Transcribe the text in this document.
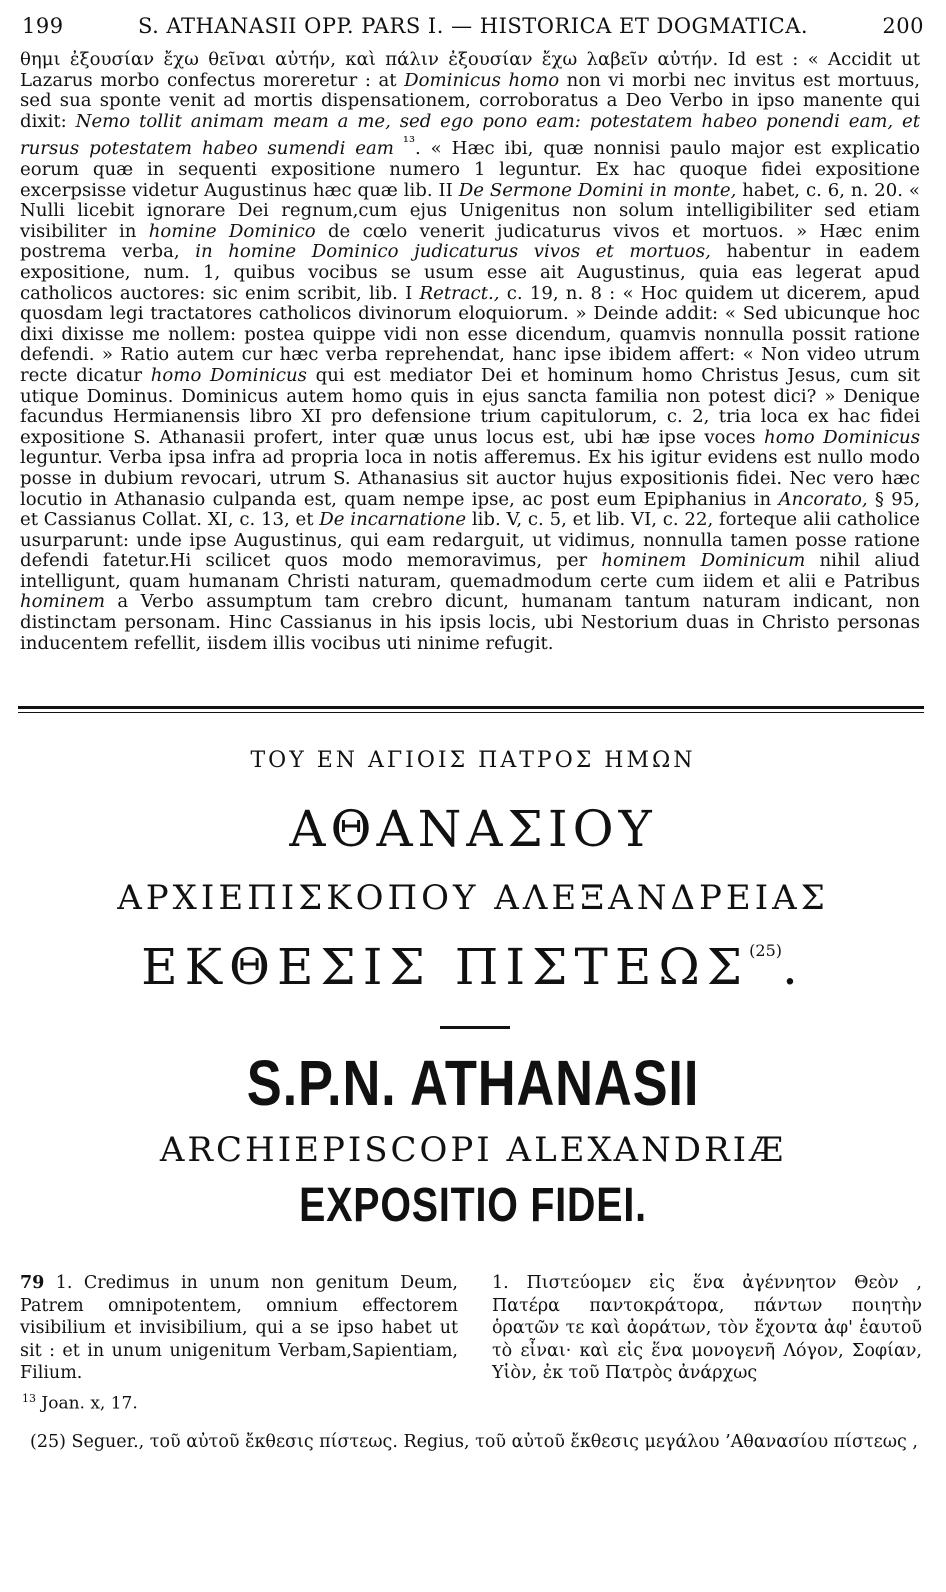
199	S. ATHANASII OPP. PARS I. — HISTORICA ET DOGMATICA.	200

θημι ἐξουσίαν ἔχω θεῖναι αὐτήν, καὶ πάλιν ἐξουσίαν ἔχω λαβεῖν αὐτήν. Id est : « Accidit ut Lazarus morbo confectus moreretur : at Dominicus homo non vi morbi nec invitus est mortuus, sed sua sponte venit ad mortis dispensationem, corroboratus a Deo Verbo in ipso manente qui dixit: Nemo tollit animam meam a me, sed ego pono eam: potestatem habeo ponendi eam, et rursus potestatem habeo sumendi eam $^{^{13}}$. « Hæc ibi, quæ nonnisi paulo major est explicatio eorum quæ in sequenti expositione numero 1 leguntur. Ex hac quoque fidei expositione excerpsisse videtur Augustinus hæc quæ lib. II De Sermone Domini in monte, habet, c. 6, n. 20. « Nulli licebit ignorare Dei regnum,cum ejus Unigenitus non solum intelligibiliter sed etiam visibiliter in homine Dominico de cœlo venerit judicaturus vivos et mortuos. » Hæc enim postrema verba, in homine Dominico judicaturus vivos et mortuos, habentur in eadem expositione, num. 1, quibus vocibus se usum esse ait Augustinus, quia eas legerat apud catholicos auctores: sic enim scribit, lib. I Retract., c. 19, n. 8 : « Hoc quidem ut dicerem, apud quosdam legi tractatores catholicos divinorum eloquiorum. » Deinde addit: « Sed ubicunque hoc dixi dixisse me nollem: postea quippe vidi non esse dicendum, quamvis nonnulla possit ratione defendi. » Ratio autem cur hæc verba reprehendat, hanc ipse ibidem affert: « Non video utrum recte dicatur homo Dominicus qui est mediator Dei et hominum homo Christus Jesus, cum sit utique Dominus. Dominicus autem homo quis in ejus sancta familia non potest dici? » Denique facundus Hermianensis libro XI pro defensione trium capitulorum, c. 2, tria loca ex hac fidei expositione S. Athanasii profert, inter quæ unus locus est, ubi hæ ipse voces homo Dominicus leguntur. Verba ipsa infra ad propria loca in notis afferemus. Ex his igitur evidens est nullo modo posse in dubium revocari, utrum S. Athanasius sit auctor hujus expositionis fidei. Nec vero hæc locutio in Athanasio culpanda est, quam nempe ipse, ac post eum Epiphanius in Ancorato, § 95, et Cassianus Collat. XI, c. 13, et De incarnatione lib. V, c. 5, et lib. VI, c. 22, forteque alii catholice usurparunt: unde ipse Augustinus, qui eam redarguit, ut vidimus, nonnulla tamen posse ratione defendi fatetur.Hi scilicet quos modo memoravimus, per hominem Dominicum nihil aliud intelligunt, quam humanam Christi naturam, quemadmodum certe cum iidem et alii e Patribus hominem a Verbo assumptum tam crebro dicunt, humanam tantum naturam indicant, non distinctam personam. Hinc Cassianus in his ipsis locis, ubi Nestorium duas in Christo personas inducentem refellit, iisdem illis vocibus uti ninime refugit.

ΤΟΥ ΕΝ ΑΓΙΟΙΣ ΠΑΤΡΟΣ ΗΜΩΝ
ΑΘΑΝΑΣΙΟΥ
ΑΡΧΙΕΠΙΣΚΟΠΟΥ ΑΛΕΞΑΝΔΡΕΙΑΣ
ΕΚΘΕΣΙΣ ΠΙΣΤΕΩΣ$^{(25)}$.
S.P.N. ATHANASII
ARCHIEPISCOPI ALEXANDRIÆ
EXPOSITIO FIDEI.
79 1. Credimus in unum non genitum Deum, Patrem omnipotentem, omnium effectorem visibilium et invisibilium, qui a se ipso habet ut sit : et in unum unigenitum Verbam,Sapientiam, Filium.
1. Πιστεύομεν εἰς ἕνα ἀγέννητον Θεὸν , Πατέρα παντοκράτορα, πάντων ποιητὴν ὁρατῶν τε καὶ ἀοράτων, τὸν ἔχοντα ἀφ' ἑαυτοῦ τὸ εἶναι· καὶ εἰς ἕνα μονογενῆ Λόγον, Σοφίαν, Υἱὸν, ἐκ τοῦ Πατρὸς ἀνάρχως
$^{13}$ Joan. x, 17.
(25) Seguer., τοῦ αὐτοῦ ἔκθεσις πίστεως. Regius, τοῦ αὐτοῦ ἔκθεσις μεγάλου ’Αθανασίου πίστεως ,
